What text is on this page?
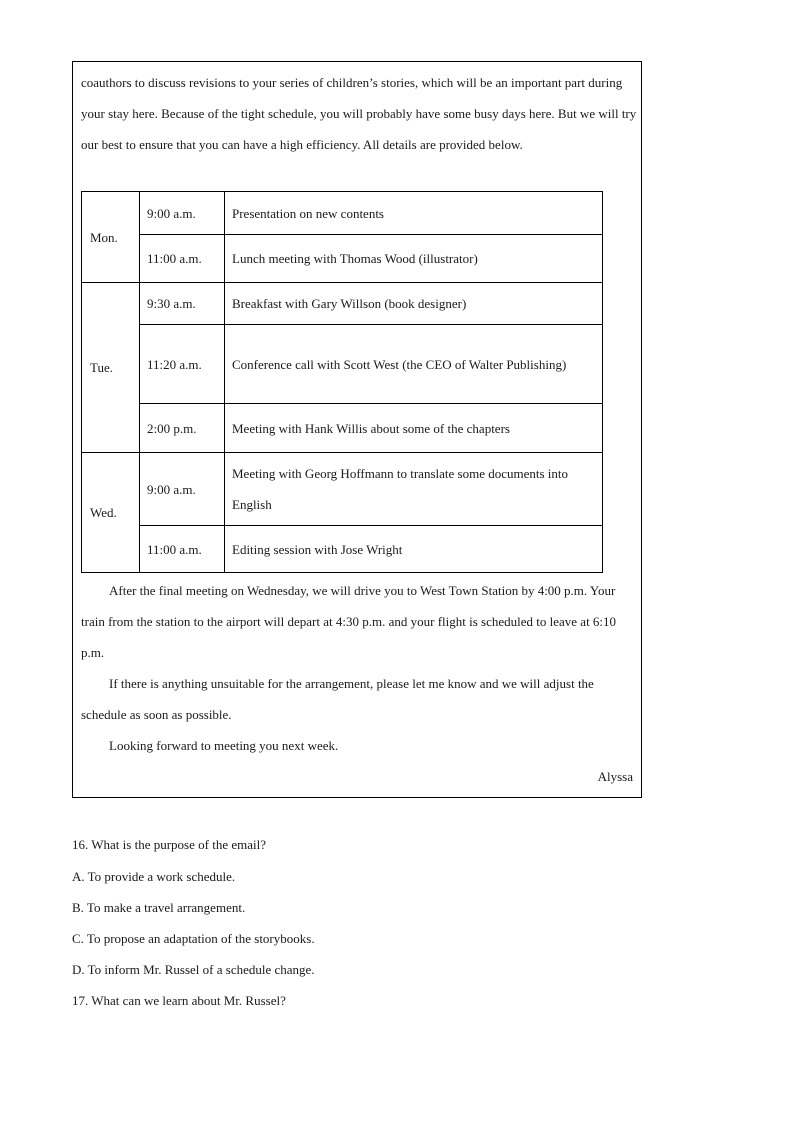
coauthors to discuss revisions to your series of children’s stories, which will be an important part during your stay here. Because of the tight schedule, you will probably have some busy days here. But we will try our best to ensure that you can have a high efficiency. All details are provided below.

Mon.	9:00 a.m.	Presentation on new contents
	11:00 a.m.	Lunch meeting with Thomas Wood (illustrator)
Tue.	9:30 a.m.	Breakfast with Gary Willson (book designer)
	11:20 a.m.	Conference call with Scott West (the CEO of Walter Publishing)
	2:00 p.m.	Meeting with Hank Willis about some of the chapters
Wed.	9:00 a.m.	Meeting with Georg Hoffmann to translate some documents into English
	11:00 a.m.	Editing session with Jose Wright

After the final meeting on Wednesday, we will drive you to West Town Station by 4:00 p.m. Your train from the station to the airport will depart at 4:30 p.m. and your flight is scheduled to leave at 6:10 p.m.

If there is anything unsuitable for the arrangement, please let me know and we will adjust the schedule as soon as possible.

Looking forward to meeting you next week.

Alyssa

16. What is the purpose of the email?

A. To provide a work schedule.

B. To make a travel arrangement.

C. To propose an adaptation of the storybooks.

D. To inform Mr. Russel of a schedule change.

17. What can we learn about Mr. Russel?
